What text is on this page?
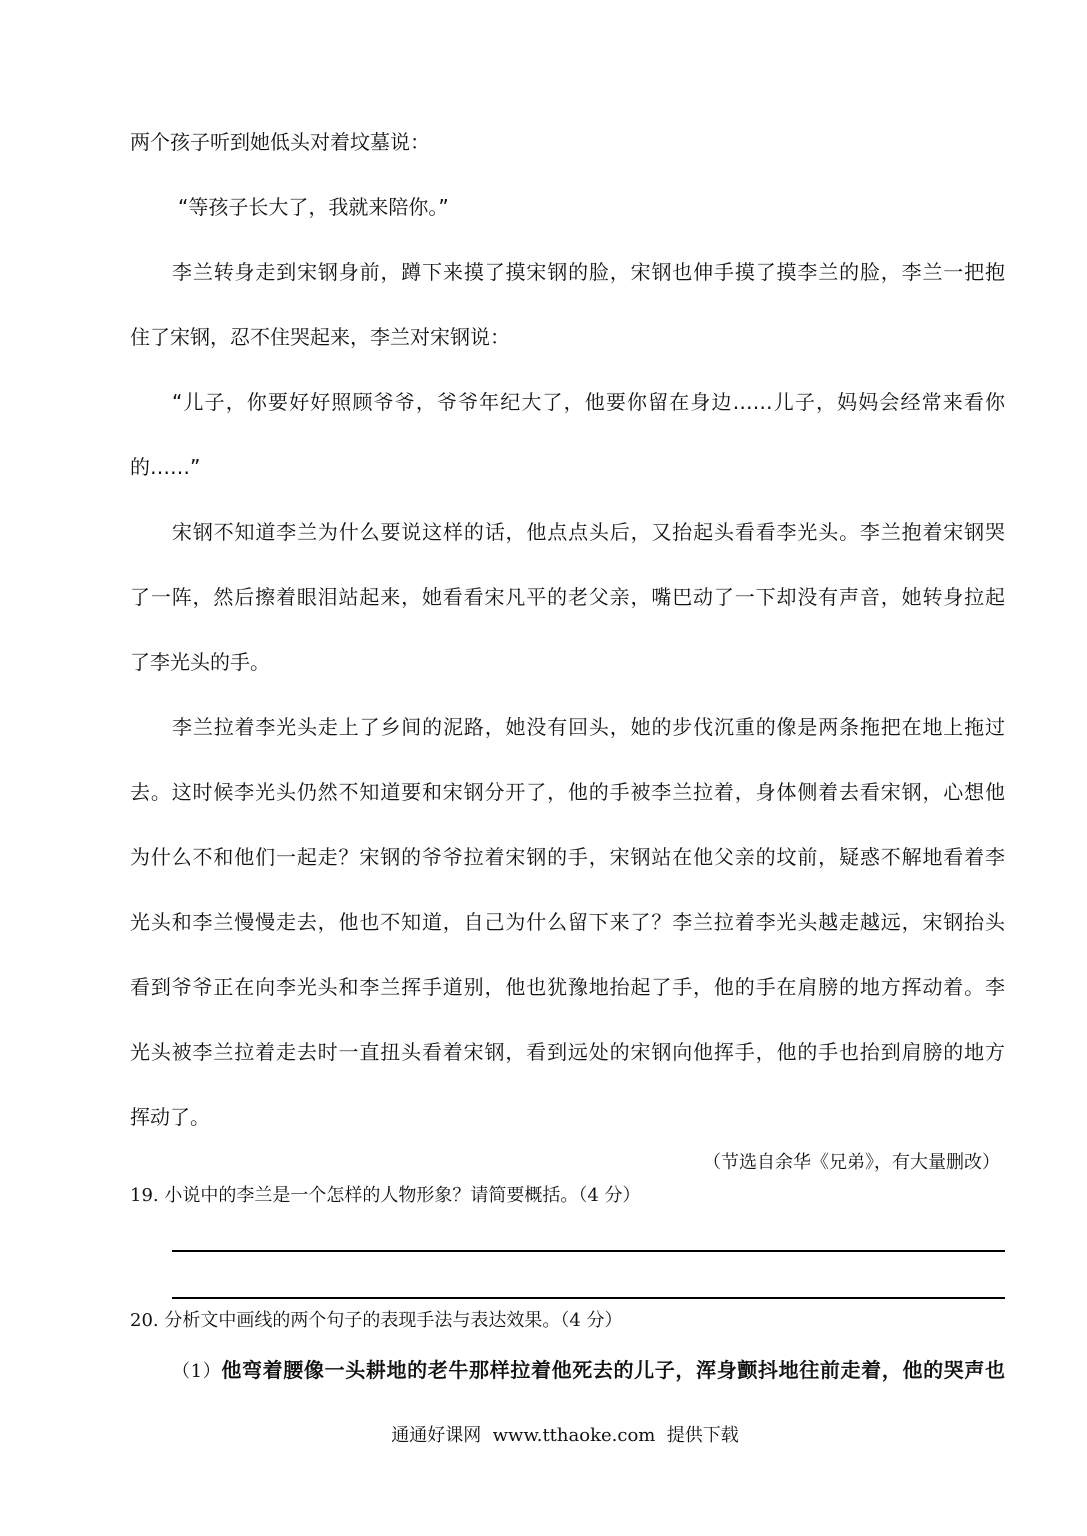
两个孩子听到她低头对着坟墓说：
“等孩子长大了，我就来陪你。”
李兰转身走到宋钢身前，蹲下来摸了摸宋钢的脸，宋钢也伸手摸了摸李兰的脸，李兰一把抱
住了宋钢，忍不住哭起来，李兰对宋钢说：
“儿子，你要好好照顾爷爷，爷爷年纪大了，他要你留在身边……儿子，妈妈会经常来看你
的……”
宋钢不知道李兰为什么要说这样的话，他点点头后，又抬起头看看李光头。李兰抱着宋钢哭
了一阵，然后擦着眼泪站起来，她看看宋凡平的老父亲，嘴巴动了一下却没有声音，她转身拉起
了李光头的手。
李兰拉着李光头走上了乡间的泥路，她没有回头，她的步伐沉重的像是两条拖把在地上拖过
去。这时候李光头仍然不知道要和宋钢分开了，他的手被李兰拉着，身体侧着去看宋钢，心想他
为什么不和他们一起走？宋钢的爷爷拉着宋钢的手，宋钢站在他父亲的坟前，疑惑不解地看着李
光头和李兰慢慢走去，他也不知道，自己为什么留下来了？李兰拉着李光头越走越远，宋钢抬头
看到爷爷正在向李光头和李兰挥手道别，他也犹豫地抬起了手，他的手在肩膀的地方挥动着。李
光头被李兰拉着走去时一直扭头看着宋钢，看到远处的宋钢向他挥手，他的手也抬到肩膀的地方
挥动了。
（节选自余华《兄弟》，有大量删改）
19. 小说中的李兰是一个怎样的人物形象？请简要概括。（4 分）
20. 分析文中画线的两个句子的表现手法与表达效果。（4 分）
（1）他弯着腰像一头耕地的老牛那样拉着他死去的儿子，浑身颤抖地往前走着，他的哭声也
通通好课网  www.tthaoke.com  提供下载
